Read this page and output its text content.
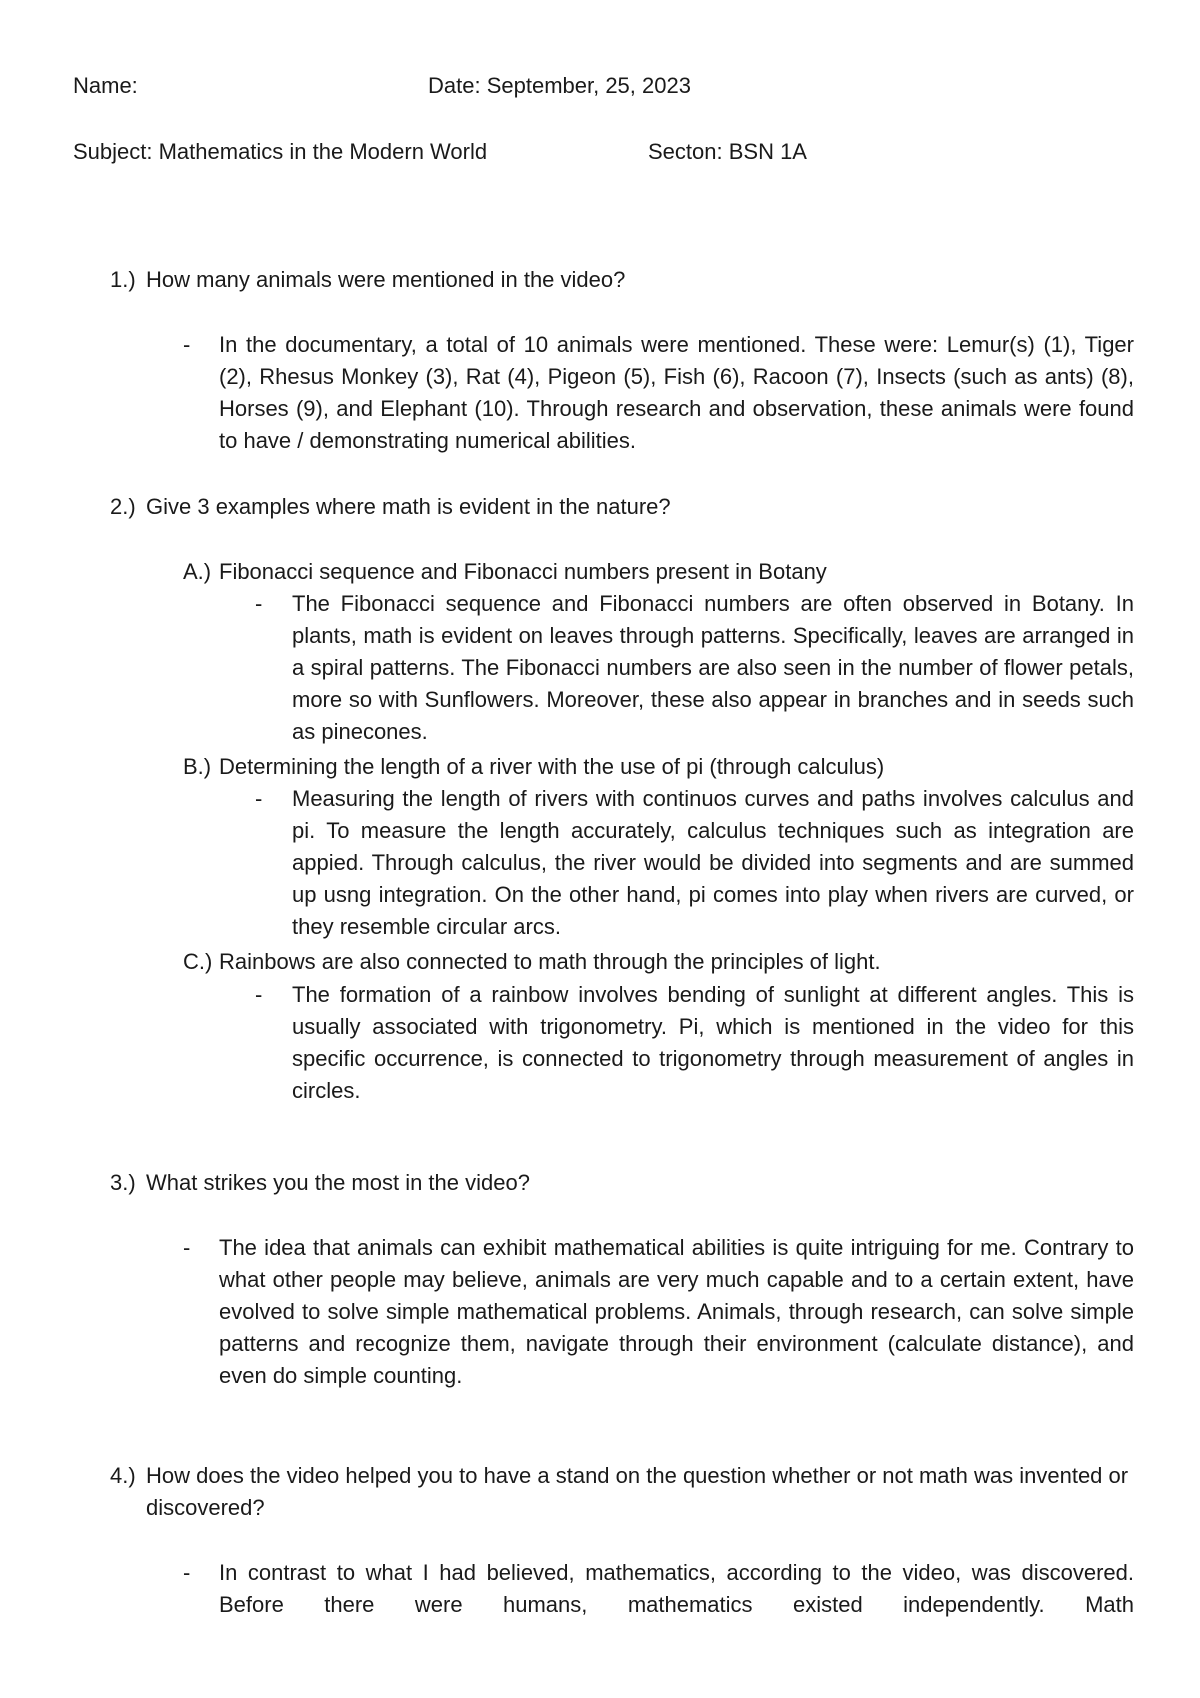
Name:	Date: September, 25, 2023
Subject: Mathematics in the Modern World	Secton: BSN 1A
1.) How many animals were mentioned in the video?
- In the documentary, a total of 10 animals were mentioned. These were: Lemur(s) (1), Tiger (2), Rhesus Monkey (3), Rat (4), Pigeon (5), Fish (6), Racoon (7), Insects (such as ants) (8), Horses (9), and Elephant (10). Through research and observation, these animals were found to have / demonstrating numerical abilities.
2.) Give 3 examples where math is evident in the nature?
A.) Fibonacci sequence and Fibonacci numbers present in Botany
- The Fibonacci sequence and Fibonacci numbers are often observed in Botany. In plants, math is evident on leaves through patterns. Specifically, leaves are arranged in a spiral patterns. The Fibonacci numbers are also seen in the number of flower petals, more so with Sunflowers. Moreover, these also appear in branches and in seeds such as pinecones.
B.) Determining the length of a river with the use of pi (through calculus)
- Measuring the length of rivers with continuos curves and paths involves calculus and pi. To measure the length accurately, calculus techniques such as integration are appied. Through calculus, the river would be divided into segments and are summed up usng integration. On the other hand, pi comes into play when rivers are curved, or they resemble circular arcs.
C.) Rainbows are also connected to math through the principles of light.
- The formation of a rainbow involves bending of sunlight at different angles. This is usually associated with trigonometry. Pi, which is mentioned in the video for this specific occurrence, is connected to trigonometry through measurement of angles in circles.
3.) What strikes you the most in the video?
- The idea that animals can exhibit mathematical abilities is quite intriguing for me. Contrary to what other people may believe, animals are very much capable and to a certain extent, have evolved to solve simple mathematical problems. Animals, through research, can solve simple patterns and recognize them, navigate through their environment (calculate distance), and even do simple counting.
4.) How does the video helped you to have a stand on the question whether or not math was invented or discovered?
- In contrast to what I had believed, mathematics, according to the video, was discovered. Before there were humans, mathematics existed independently. Math
